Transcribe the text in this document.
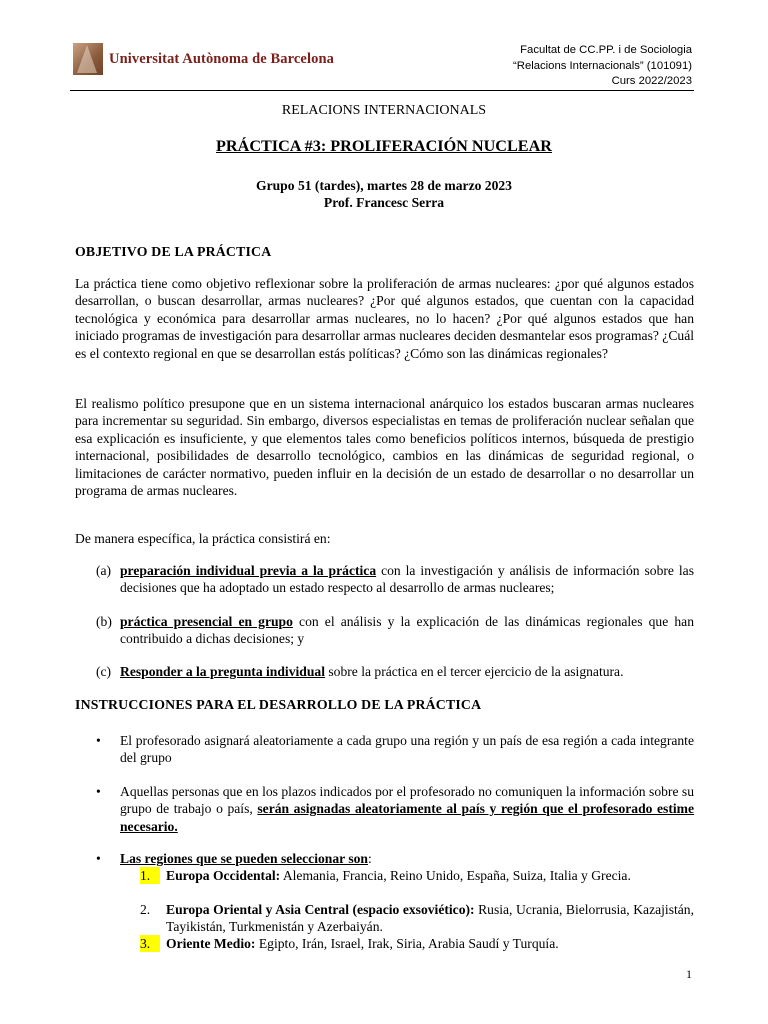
Universitat Autònoma de Barcelona
Facultat de CC.PP. i de Sociologia
“Relacions Internacionals” (101091)
Curs 2022/2023
RELACIONS INTERNACIONALS
PRÁCTICA #3: PROLIFERACIÓN NUCLEAR
Grupo 51 (tardes), martes 28 de marzo 2023
Prof. Francesc Serra
OBJETIVO DE LA PRÁCTICA

La práctica tiene como objetivo reflexionar sobre la proliferación de armas nucleares: ¿por qué algunos estados desarrollan, o buscan desarrollar, armas nucleares? ¿Por qué algunos estados, que cuentan con la capacidad tecnológica y económica para desarrollar armas nucleares, no lo hacen? ¿Por qué algunos estados que han iniciado programas de investigación para desarrollar armas nucleares deciden desmantelar esos programas? ¿Cuál es el contexto regional en que se desarrollan estás políticas? ¿Cómo son las dinámicas regionales?

El realismo político presupone que en un sistema internacional anárquico los estados buscaran armas nucleares para incrementar su seguridad. Sin embargo, diversos especialistas en temas de proliferación nuclear señalan que esa explicación es insuficiente, y que elementos tales como beneficios políticos internos, búsqueda de prestigio internacional, posibilidades de desarrollo tecnológico, cambios en las dinámicas de seguridad regional, o limitaciones de carácter normativo, pueden influir en la decisión de un estado de desarrollar o no desarrollar un programa de armas nucleares.

De manera específica, la práctica consistirá en:

(a) preparación individual previa a la práctica con la investigación y análisis de información sobre las decisiones que ha adoptado un estado respecto al desarrollo de armas nucleares;
(b) práctica presencial en grupo con el análisis y la explicación de las dinámicas regionales que han contribuido a dichas decisiones; y
(c) Responder a la pregunta individual sobre la práctica en el tercer ejercicio de la asignatura.
INSTRUCCIONES PARA EL DESARROLLO DE LA PRÁCTICA
• El profesorado asignará aleatoriamente a cada grupo una región y un país de esa región a cada integrante del grupo
• Aquellas personas que en los plazos indicados por el profesorado no comuniquen la información sobre su grupo de trabajo o país, serán asignadas aleatoriamente al país y región que el profesorado estime necesario.
• Las regiones que se pueden seleccionar son:
1.	Europa Occidental: Alemania, Francia, Reino Unido, España, Suiza, Italia y Grecia.
2.	Europa Oriental y Asia Central (espacio exsoviético): Rusia, Ucrania, Bielorrusia, Kazajistán, Tayikistán, Turkmenistán y Azerbaiyán.
3.	Oriente Medio: Egipto, Irán, Israel, Irak, Siria, Arabia Saudí y Turquía.
1
